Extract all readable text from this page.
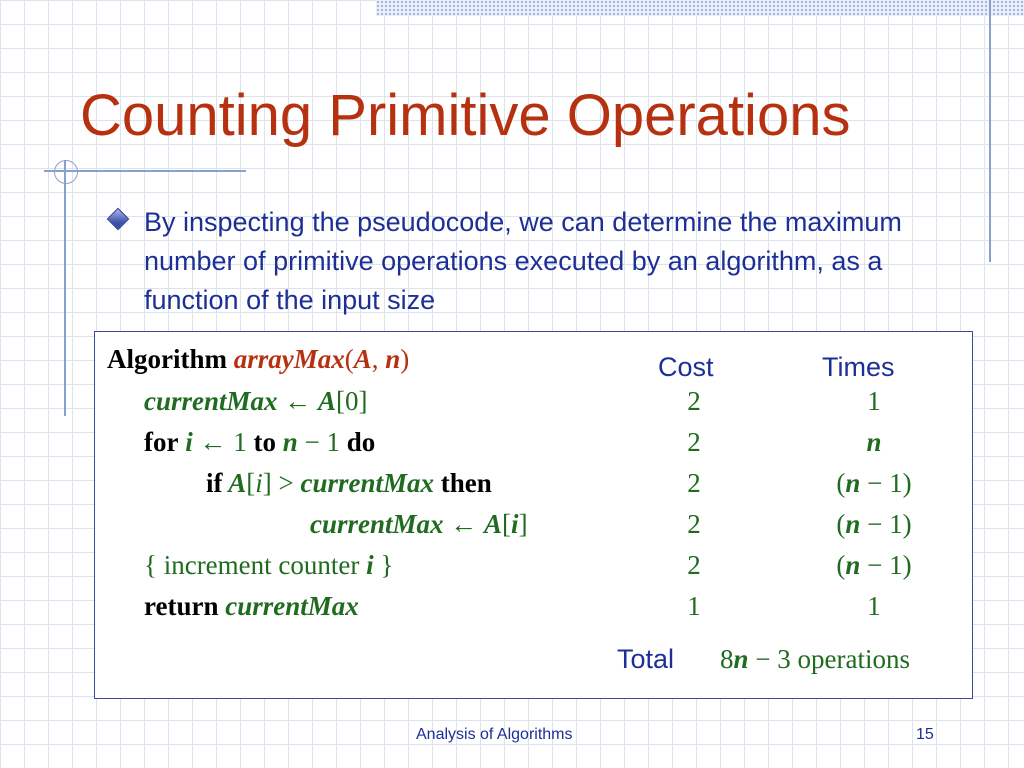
Counting Primitive Operations
By inspecting the pseudocode, we can determine the maximum number of primitive operations executed by an algorithm, as a function of the input size
Algorithm arrayMax(A, n)
currentMax ← A[0]
for i ← 1 to n − 1 do
if A[i] > currentMax then
currentMax ← A[i]
{ increment counter i }
return currentMax
Cost	Times
2
2
2
2
2
1
1
n
(n − 1)
(n − 1)
(n − 1)
1
Total 8n − 3 operations
Analysis of Algorithms	15
